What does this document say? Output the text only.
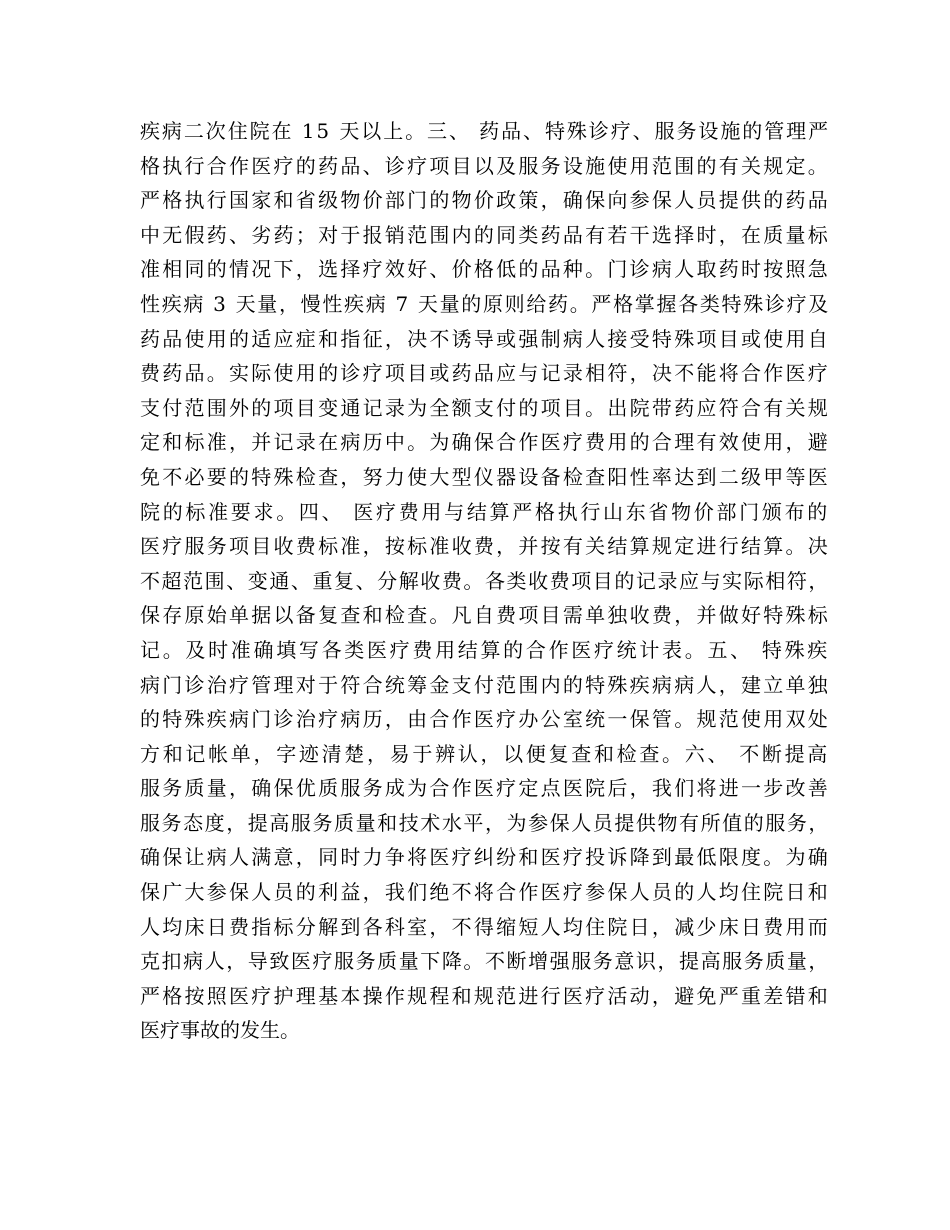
疾病二次住院在 15 天以上。三、 药品、特殊诊疗、服务设施的管理严
格执行合作医疗的药品、诊疗项目以及服务设施使用范围的有关规定。
严格执行国家和省级物价部门的物价政策，确保向参保人员提供的药品
中无假药、劣药；对于报销范围内的同类药品有若干选择时，在质量标
准相同的情况下，选择疗效好、价格低的品种。门诊病人取药时按照急
性疾病 3 天量，慢性疾病 7 天量的原则给药。严格掌握各类特殊诊疗及
药品使用的适应症和指征，决不诱导或强制病人接受特殊项目或使用自
费药品。实际使用的诊疗项目或药品应与记录相符，决不能将合作医疗
支付范围外的项目变通记录为全额支付的项目。出院带药应符合有关规
定和标准，并记录在病历中。为确保合作医疗费用的合理有效使用，避
免不必要的特殊检查，努力使大型仪器设备检查阳性率达到二级甲等医
院的标准要求。四、 医疗费用与结算严格执行山东省物价部门颁布的
医疗服务项目收费标准，按标准收费，并按有关结算规定进行结算。决
不超范围、变通、重复、分解收费。各类收费项目的记录应与实际相符，
保存原始单据以备复查和检查。凡自费项目需单独收费，并做好特殊标
记。及时准确填写各类医疗费用结算的合作医疗统计表。五、 特殊疾
病门诊治疗管理对于符合统筹金支付范围内的特殊疾病病人，建立单独
的特殊疾病门诊治疗病历，由合作医疗办公室统一保管。规范使用双处
方和记帐单，字迹清楚，易于辨认，以便复查和检查。六、 不断提高
服务质量，确保优质服务成为合作医疗定点医院后，我们将进一步改善
服务态度，提高服务质量和技术水平，为参保人员提供物有所值的服务，
确保让病人满意，同时力争将医疗纠纷和医疗投诉降到最低限度。为确
保广大参保人员的利益，我们绝不将合作医疗参保人员的人均住院日和
人均床日费指标分解到各科室，不得缩短人均住院日，减少床日费用而
克扣病人，导致医疗服务质量下降。不断增强服务意识，提高服务质量，
严格按照医疗护理基本操作规程和规范进行医疗活动，避免严重差错和
医疗事故的发生。
